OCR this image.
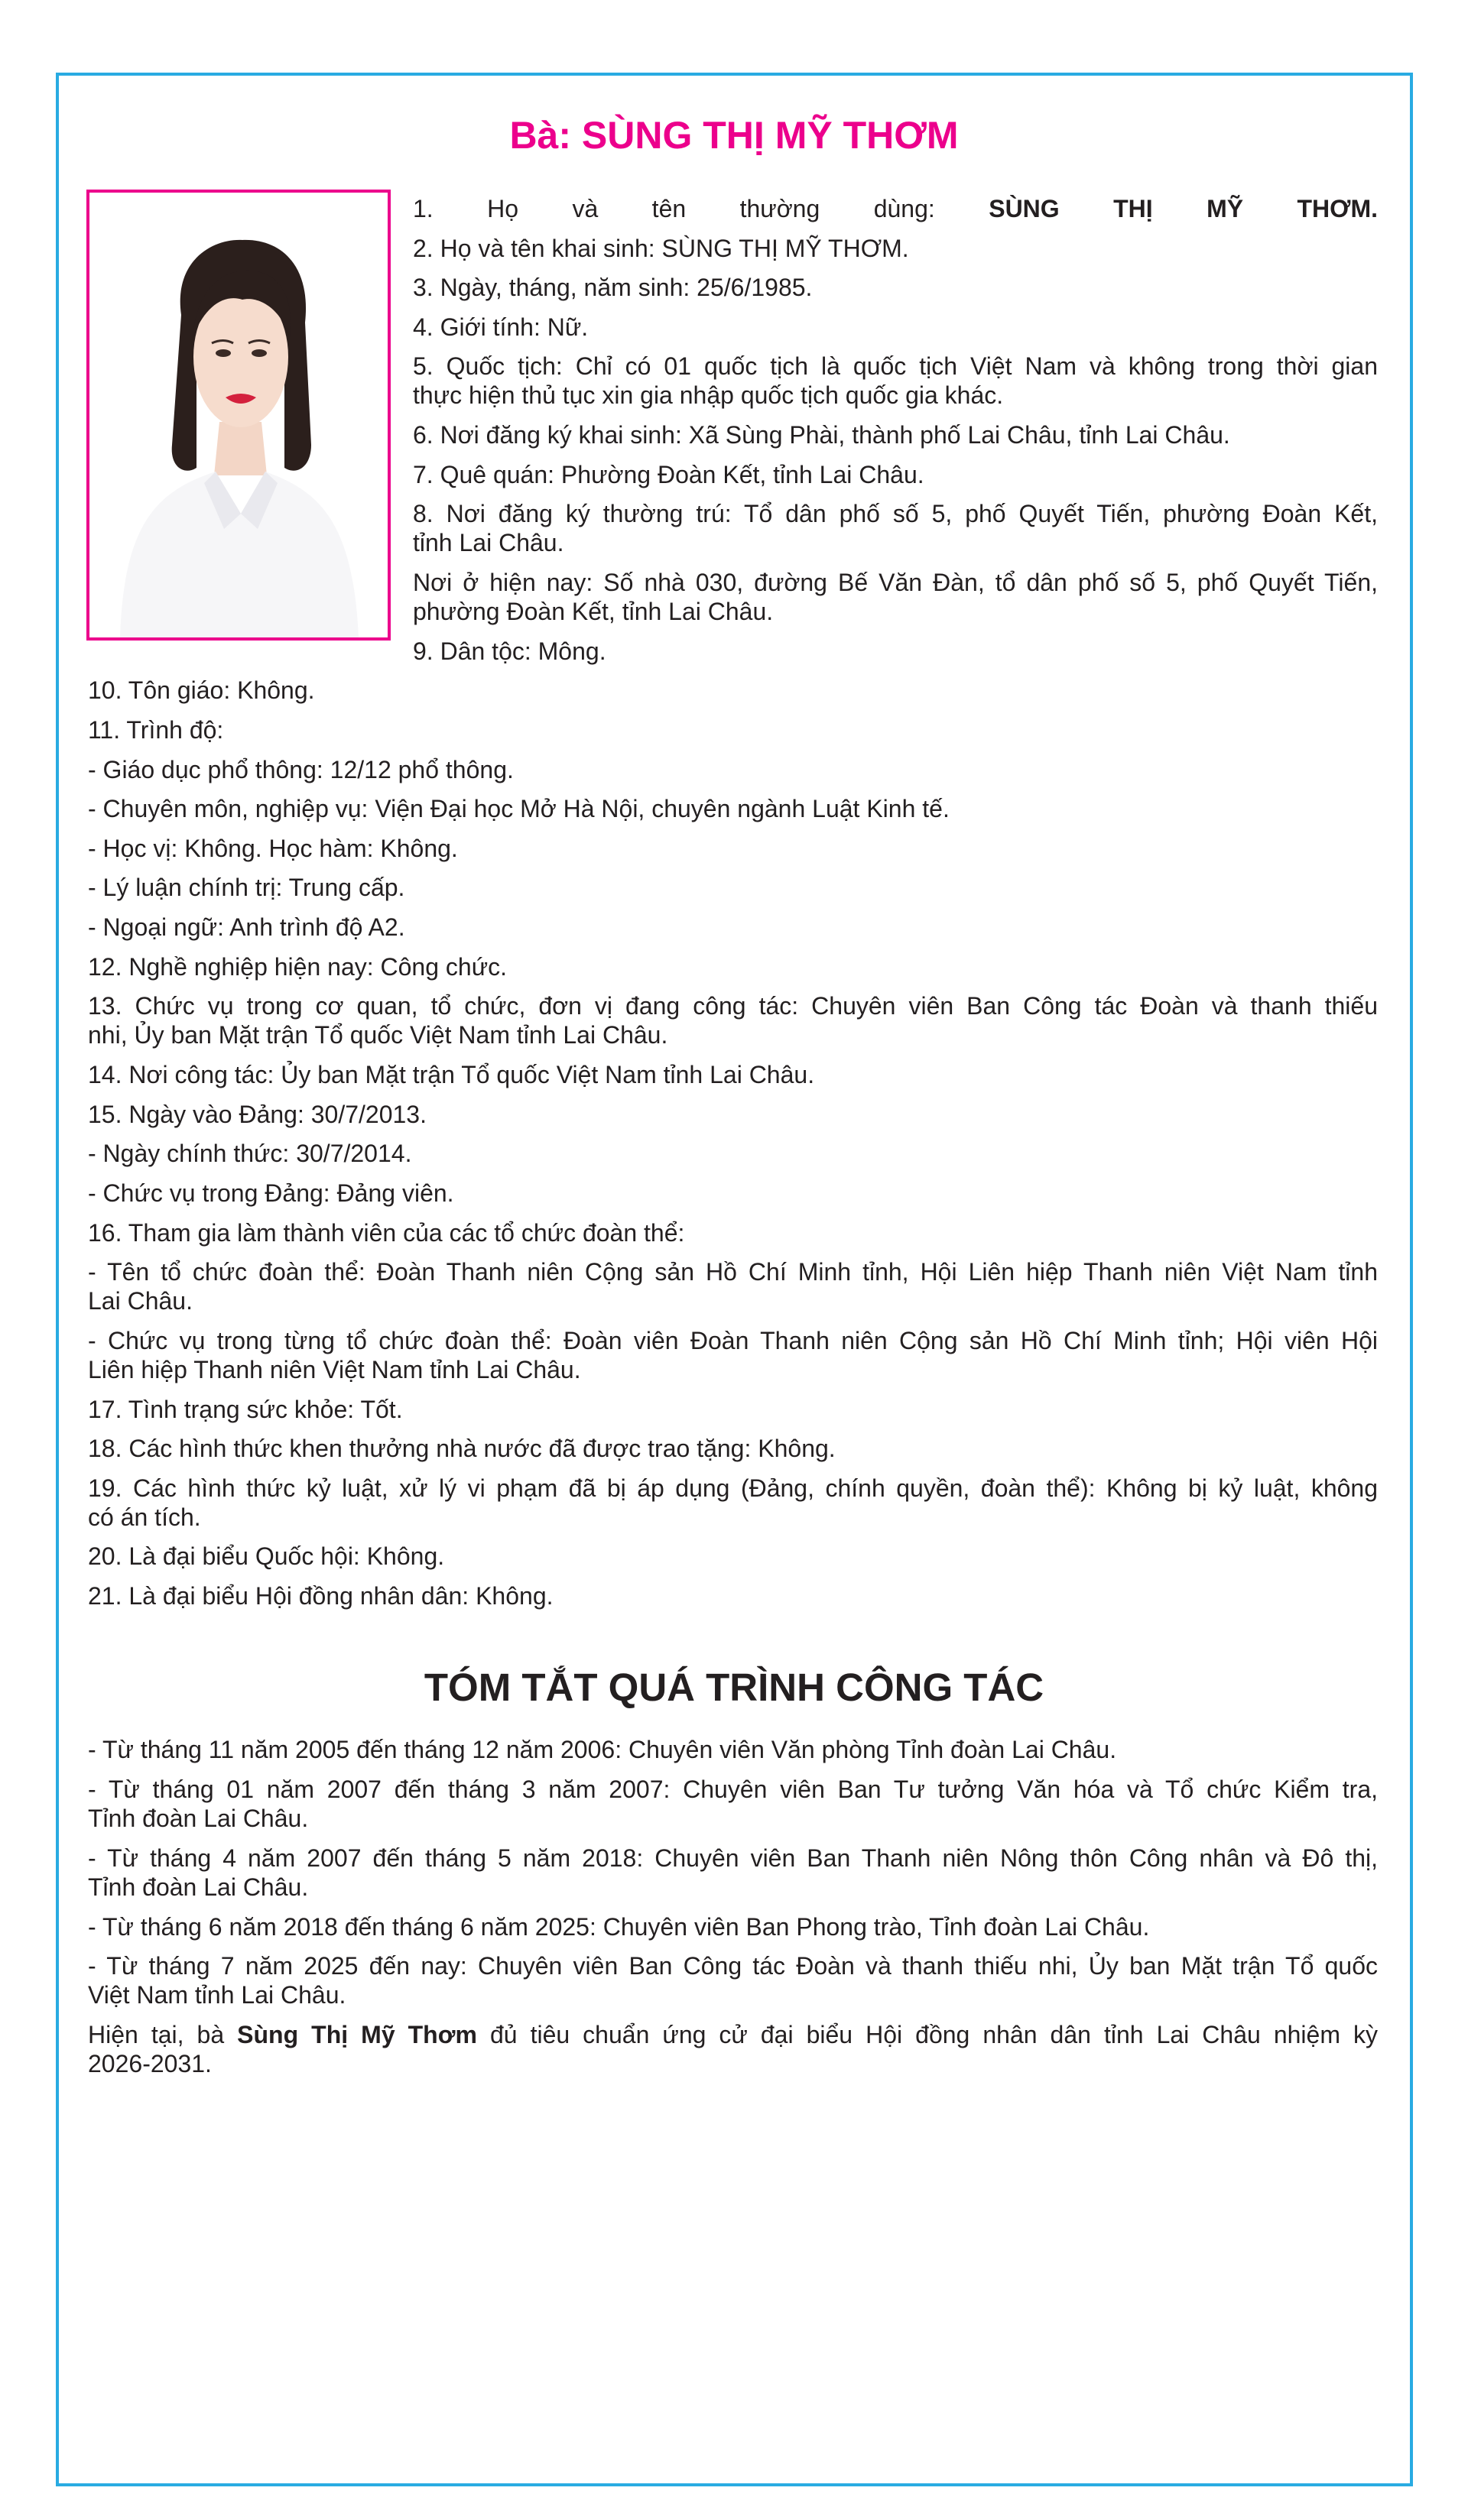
Bà: SÙNG THỊ MỸ THƠM

1. Họ và tên thường dùng: SÙNG THỊ MỸ THƠM.

2. Họ và tên khai sinh: SÙNG THỊ MỸ THƠM.

3. Ngày, tháng, năm sinh: 25/6/1985.

4. Giới tính: Nữ.

5. Quốc tịch: Chỉ có 01 quốc tịch là quốc tịch Việt Nam và không trong thời gian

thực hiện thủ tục xin gia nhập quốc tịch quốc gia khác.

6. Nơi đăng ký khai sinh: Xã Sùng Phài, thành phố Lai Châu, tỉnh Lai Châu.

7. Quê quán: Phường Đoàn Kết, tỉnh Lai Châu.

8. Nơi đăng ký thường trú: Tổ dân phố số 5, phố Quyết Tiến, phường Đoàn Kết,

tỉnh Lai Châu.

Nơi ở hiện nay: Số nhà 030, đường Bế Văn Đàn, tổ dân phố số 5, phố Quyết Tiến,

phường Đoàn Kết, tỉnh Lai Châu.

9. Dân tộc: Mông.

10. Tôn giáo: Không.

11. Trình độ:

- Giáo dục phổ thông: 12/12 phổ thông.

- Chuyên môn, nghiệp vụ: Viện Đại học Mở Hà Nội, chuyên ngành Luật Kinh tế.

- Học vị: Không. Học hàm: Không.

- Lý luận chính trị: Trung cấp.

- Ngoại ngữ: Anh trình độ A2.

12. Nghề nghiệp hiện nay: Công chức.

13. Chức vụ trong cơ quan, tổ chức, đơn vị đang công tác: Chuyên viên Ban Công tác Đoàn và thanh thiếu

nhi, Ủy ban Mặt trận Tổ quốc Việt Nam tỉnh Lai Châu.

14. Nơi công tác: Ủy ban Mặt trận Tổ quốc Việt Nam tỉnh Lai Châu.

15. Ngày vào Đảng: 30/7/2013.

- Ngày chính thức: 30/7/2014.

- Chức vụ trong Đảng: Đảng viên.

16. Tham gia làm thành viên của các tổ chức đoàn thể:

- Tên tổ chức đoàn thể: Đoàn Thanh niên Cộng sản Hồ Chí Minh tỉnh, Hội Liên hiệp Thanh niên Việt Nam tỉnh

Lai Châu.

- Chức vụ trong từng tổ chức đoàn thể: Đoàn viên Đoàn Thanh niên Cộng sản Hồ Chí Minh tỉnh; Hội viên Hội

Liên hiệp Thanh niên Việt Nam tỉnh Lai Châu.

17. Tình trạng sức khỏe: Tốt.

18. Các hình thức khen thưởng nhà nước đã được trao tặng: Không.

19. Các hình thức kỷ luật, xử lý vi phạm đã bị áp dụng (Đảng, chính quyền, đoàn thể): Không bị kỷ luật, không

có án tích.

20. Là đại biểu Quốc hội: Không.

21. Là đại biểu Hội đồng nhân dân: Không.

TÓM TẮT QUÁ TRÌNH CÔNG TÁC

- Từ tháng 11 năm 2005 đến tháng 12 năm 2006: Chuyên viên Văn phòng Tỉnh đoàn Lai Châu.

- Từ tháng 01 năm 2007 đến tháng 3 năm 2007: Chuyên viên Ban Tư tưởng Văn hóa và Tổ chức Kiểm tra,

Tỉnh đoàn Lai Châu.

- Từ tháng 4 năm 2007 đến tháng 5 năm 2018: Chuyên viên Ban Thanh niên Nông thôn Công nhân và Đô thị,

Tỉnh đoàn Lai Châu.

- Từ tháng 6 năm 2018 đến tháng 6 năm 2025: Chuyên viên Ban Phong trào, Tỉnh đoàn Lai Châu.

- Từ tháng 7 năm 2025 đến nay: Chuyên viên Ban Công tác Đoàn và thanh thiếu nhi, Ủy ban Mặt trận Tổ quốc

Việt Nam tỉnh Lai Châu.

Hiện tại, bà Sùng Thị Mỹ Thơm đủ tiêu chuẩn ứng cử đại biểu Hội đồng nhân dân tỉnh Lai Châu nhiệm kỳ

2026-2031.
